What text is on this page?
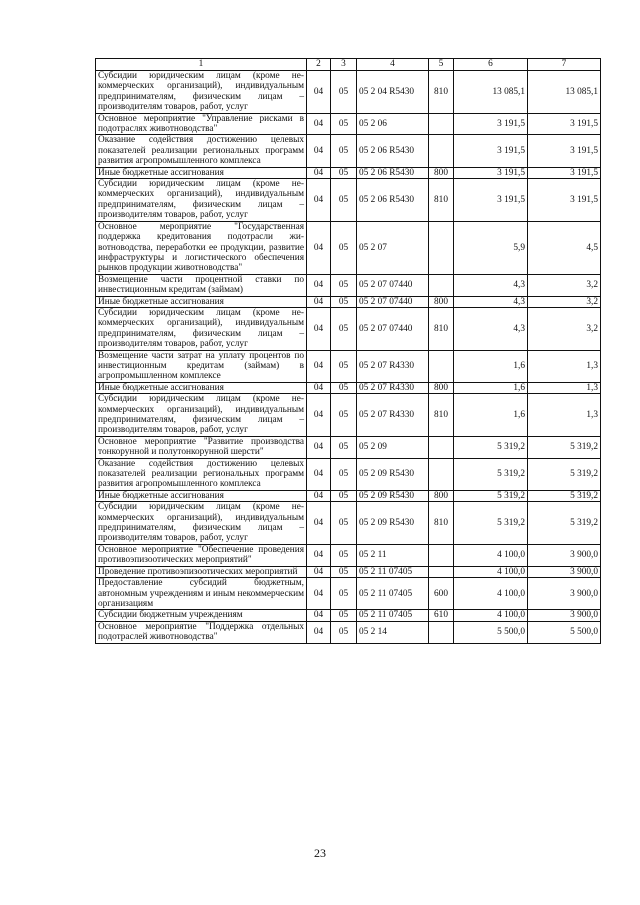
1	2	3	4	5	6	7
Субсидии юридическим лицам (кроме некоммерческих организаций), индивидуальным предпринимателям, физическим лицам – производителям товаров, работ, услуг	04	05	05 2 04 R5430	810	13 085,1	13 085,1
Основное мероприятие "Управление рисками в подотраслях животноводства"	04	05	05 2 06		3 191,5	3 191,5
Оказание содействия достижению целевых показателей реализации региональных программ развития агропромышленного комплекса	04	05	05 2 06 R5430		3 191,5	3 191,5
Иные бюджетные ассигнования	04	05	05 2 06 R5430	800	3 191,5	3 191,5
Субсидии юридическим лицам (кроме некоммерческих организаций), индивидуальным предпринимателям, физическим лицам – производителям товаров, работ, услуг	04	05	05 2 06 R5430	810	3 191,5	3 191,5
Основное мероприятие "Государственная поддержка кредитования подотрасли животноводства, переработки ее продукции, развитие инфраструктуры и логистического обеспечения рынков продукции животноводства"	04	05	05 2 07		5,9	4,5
Возмещение части процентной ставки по инвестиционным кредитам (займам)	04	05	05 2 07 07440		4,3	3,2
Иные бюджетные ассигнования	04	05	05 2 07 07440	800	4,3	3,2
Субсидии юридическим лицам (кроме некоммерческих организаций), индивидуальным предпринимателям, физическим лицам – производителям товаров, работ, услуг	04	05	05 2 07 07440	810	4,3	3,2
Возмещение части затрат на уплату процентов по инвестиционным кредитам (займам) в агропромышленном комплексе	04	05	05 2 07 R4330		1,6	1,3
Иные бюджетные ассигнования	04	05	05 2 07 R4330	800	1,6	1,3
Субсидии юридическим лицам (кроме некоммерческих организаций), индивидуальным предпринимателям, физическим лицам – производителям товаров, работ, услуг	04	05	05 2 07 R4330	810	1,6	1,3
Основное мероприятие "Развитие производства тонкорунной и полутонкорунной шерсти"	04	05	05 2 09		5 319,2	5 319,2
Оказание содействия достижению целевых показателей реализации региональных программ развития агропромышленного комплекса	04	05	05 2 09 R5430		5 319,2	5 319,2
Иные бюджетные ассигнования	04	05	05 2 09 R5430	800	5 319,2	5 319,2
Субсидии юридическим лицам (кроме некоммерческих организаций), индивидуальным предпринимателям, физическим лицам – производителям товаров, работ, услуг	04	05	05 2 09 R5430	810	5 319,2	5 319,2
Основное мероприятие "Обеспечение проведения противоэпизоотических мероприятий"	04	05	05 2 11		4 100,0	3 900,0
Проведение противоэпизоотических мероприятий	04	05	05 2 11 07405		4 100,0	3 900,0
Предоставление субсидий бюджетным, автономным учреждениям и иным некоммерческим организациям	04	05	05 2 11 07405	600	4 100,0	3 900,0
Субсидии бюджетным учреждениям	04	05	05 2 11 07405	610	4 100,0	3 900,0
Основное мероприятие "Поддержка отдельных подотраслей животноводства"	04	05	05 2 14		5 500,0	5 500,0
23
